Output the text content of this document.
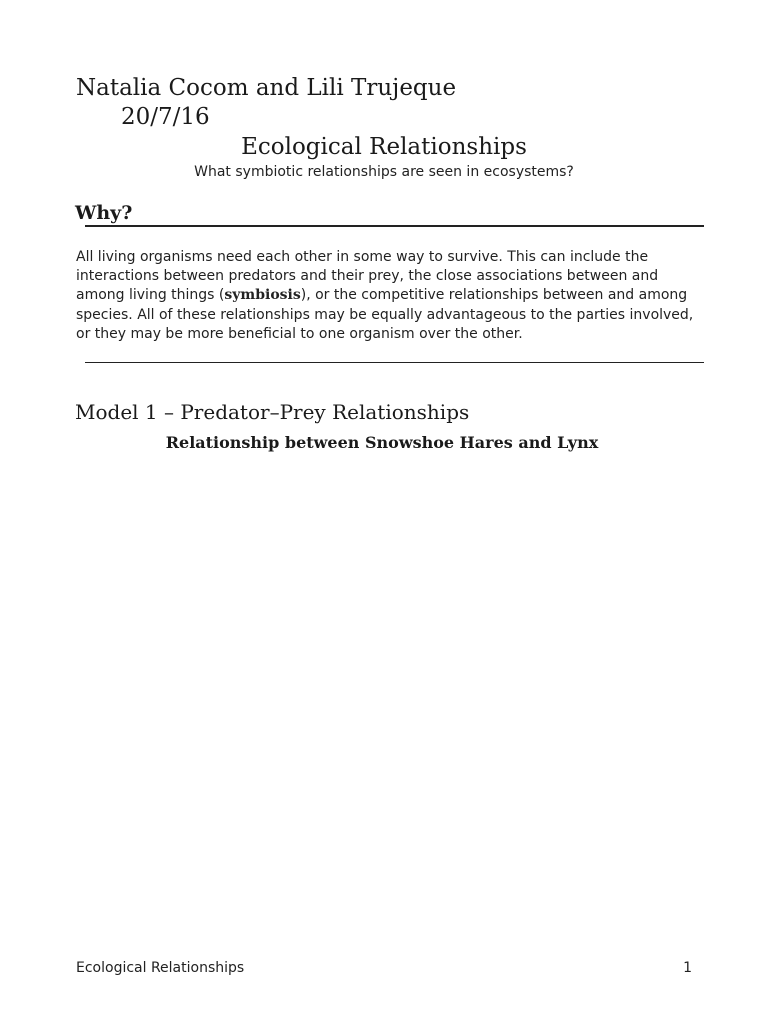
Natalia Cocom and Lili Trujeque
20/7/16
Ecological Relationships
What symbiotic relationships are seen in ecosystems?
Why?
All living organisms need each other in some way to survive. This can include the interactions between predators and their prey, the close associations between and among living things (symbiosis), or the competitive relationships between and among species. All of these relationships may be equally advantageous to the parties involved, or they may be more beneficial to one organism over the other.
Model 1 – Predator–Prey Relationships
Relationship between Snowshoe Hares and Lynx
Ecological Relationships	1
